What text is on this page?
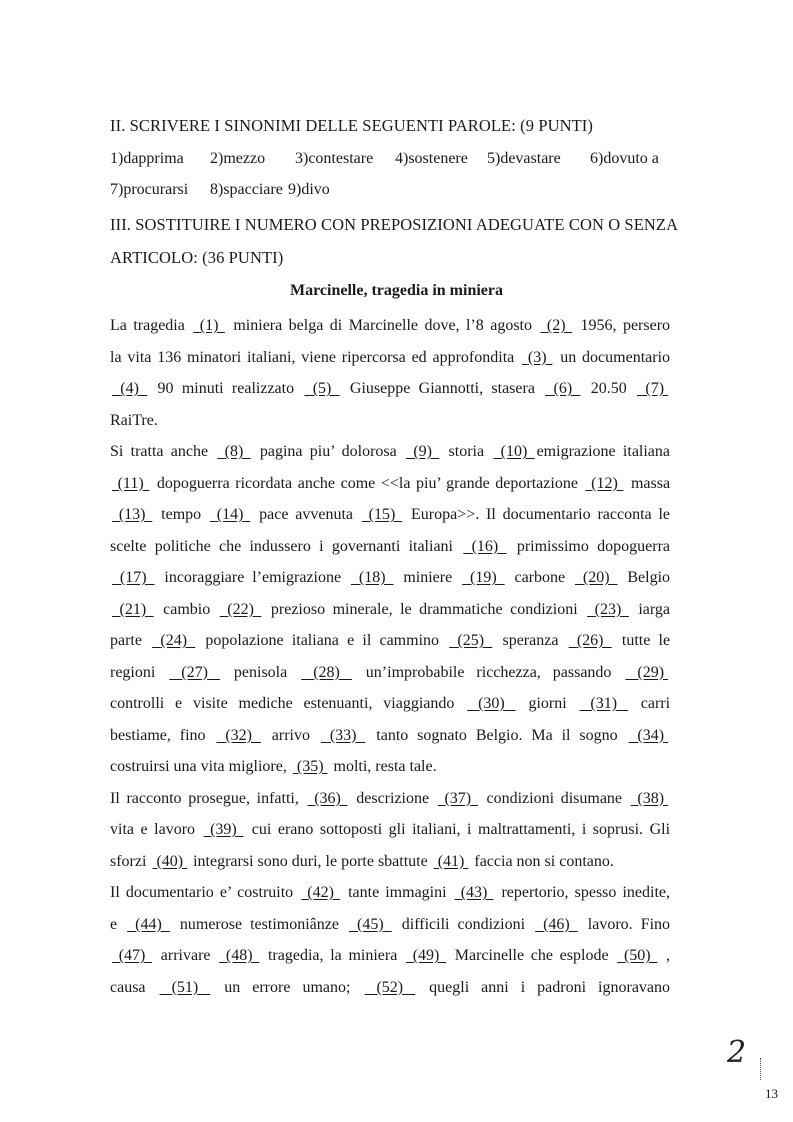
II. SCRIVERE I SINONIMI DELLE SEGUENTI PAROLE: (9 PUNTI)
1)dapprima 2)mezzo 3)contestare 4)sostenere 5)devastare 6)dovuto a
7)procurarsi 8)spacciare 9)divo
III. SOSTITUIRE I NUMERO CON PREPOSIZIONI ADEGUATE CON O SENZA
ARTICOLO: (36 PUNTI)
Marcinelle, tragedia in miniera
La tragedia (1) miniera belga di Marcinelle dove, l’8 agosto (2) 1956, persero
la vita 136 minatori italiani, viene ripercorsa ed approfondita (3) un documentario
(4) 90 minuti realizzato (5) Giuseppe Giannotti, stasera (6) 20.50 (7)
RaiTre.
Si tratta anche (8) pagina piu’ dolorosa (9) storia (10) emigrazione italiana
(11) dopoguerra ricordata anche come <<la piu’ grande deportazione (12) massa
(13) tempo (14) pace avvenuta (15) Europa>>. Il documentario racconta le
scelte politiche che indussero i governanti italiani (16) primissimo dopoguerra
(17) incoraggiare l’emigrazione (18) miniere (19) carbone (20) Belgio
(21) cambio (22) prezioso minerale, le drammatiche condizioni (23) iarga
parte (24) popolazione italiana e il cammino (25) speranza (26) tutte le
regioni (27) penisola (28) un’improbabile ricchezza, passando (29)
controlli e visite mediche estenuanti, viaggiando (30) giorni (31) carri
bestiame, fino (32) arrivo (33) tanto sognato Belgio. Ma il sogno (34)
costruirsi una vita migliore, (35) molti, resta tale.
Il racconto prosegue, infatti, (36) descrizione (37) condizioni disumane (38)
vita e lavoro (39) cui erano sottoposti gli italiani, i maltrattamenti, i soprusi. Gli
sforzi (40) integrarsi sono duri, le porte sbattute (41) faccia non si contano.
Il documentario e’ costruito (42) tante immagini (43) repertorio, spesso inedite,
e (44) numerose testimoniânze (45) difficili condizioni (46) lavoro. Fino
(47) arrivare (48) tragedia, la miniera (49) Marcinelle che esplode (50) ,
causa (51) un errore umano; (52) quegli anni i padroni ignoravano
2
13
